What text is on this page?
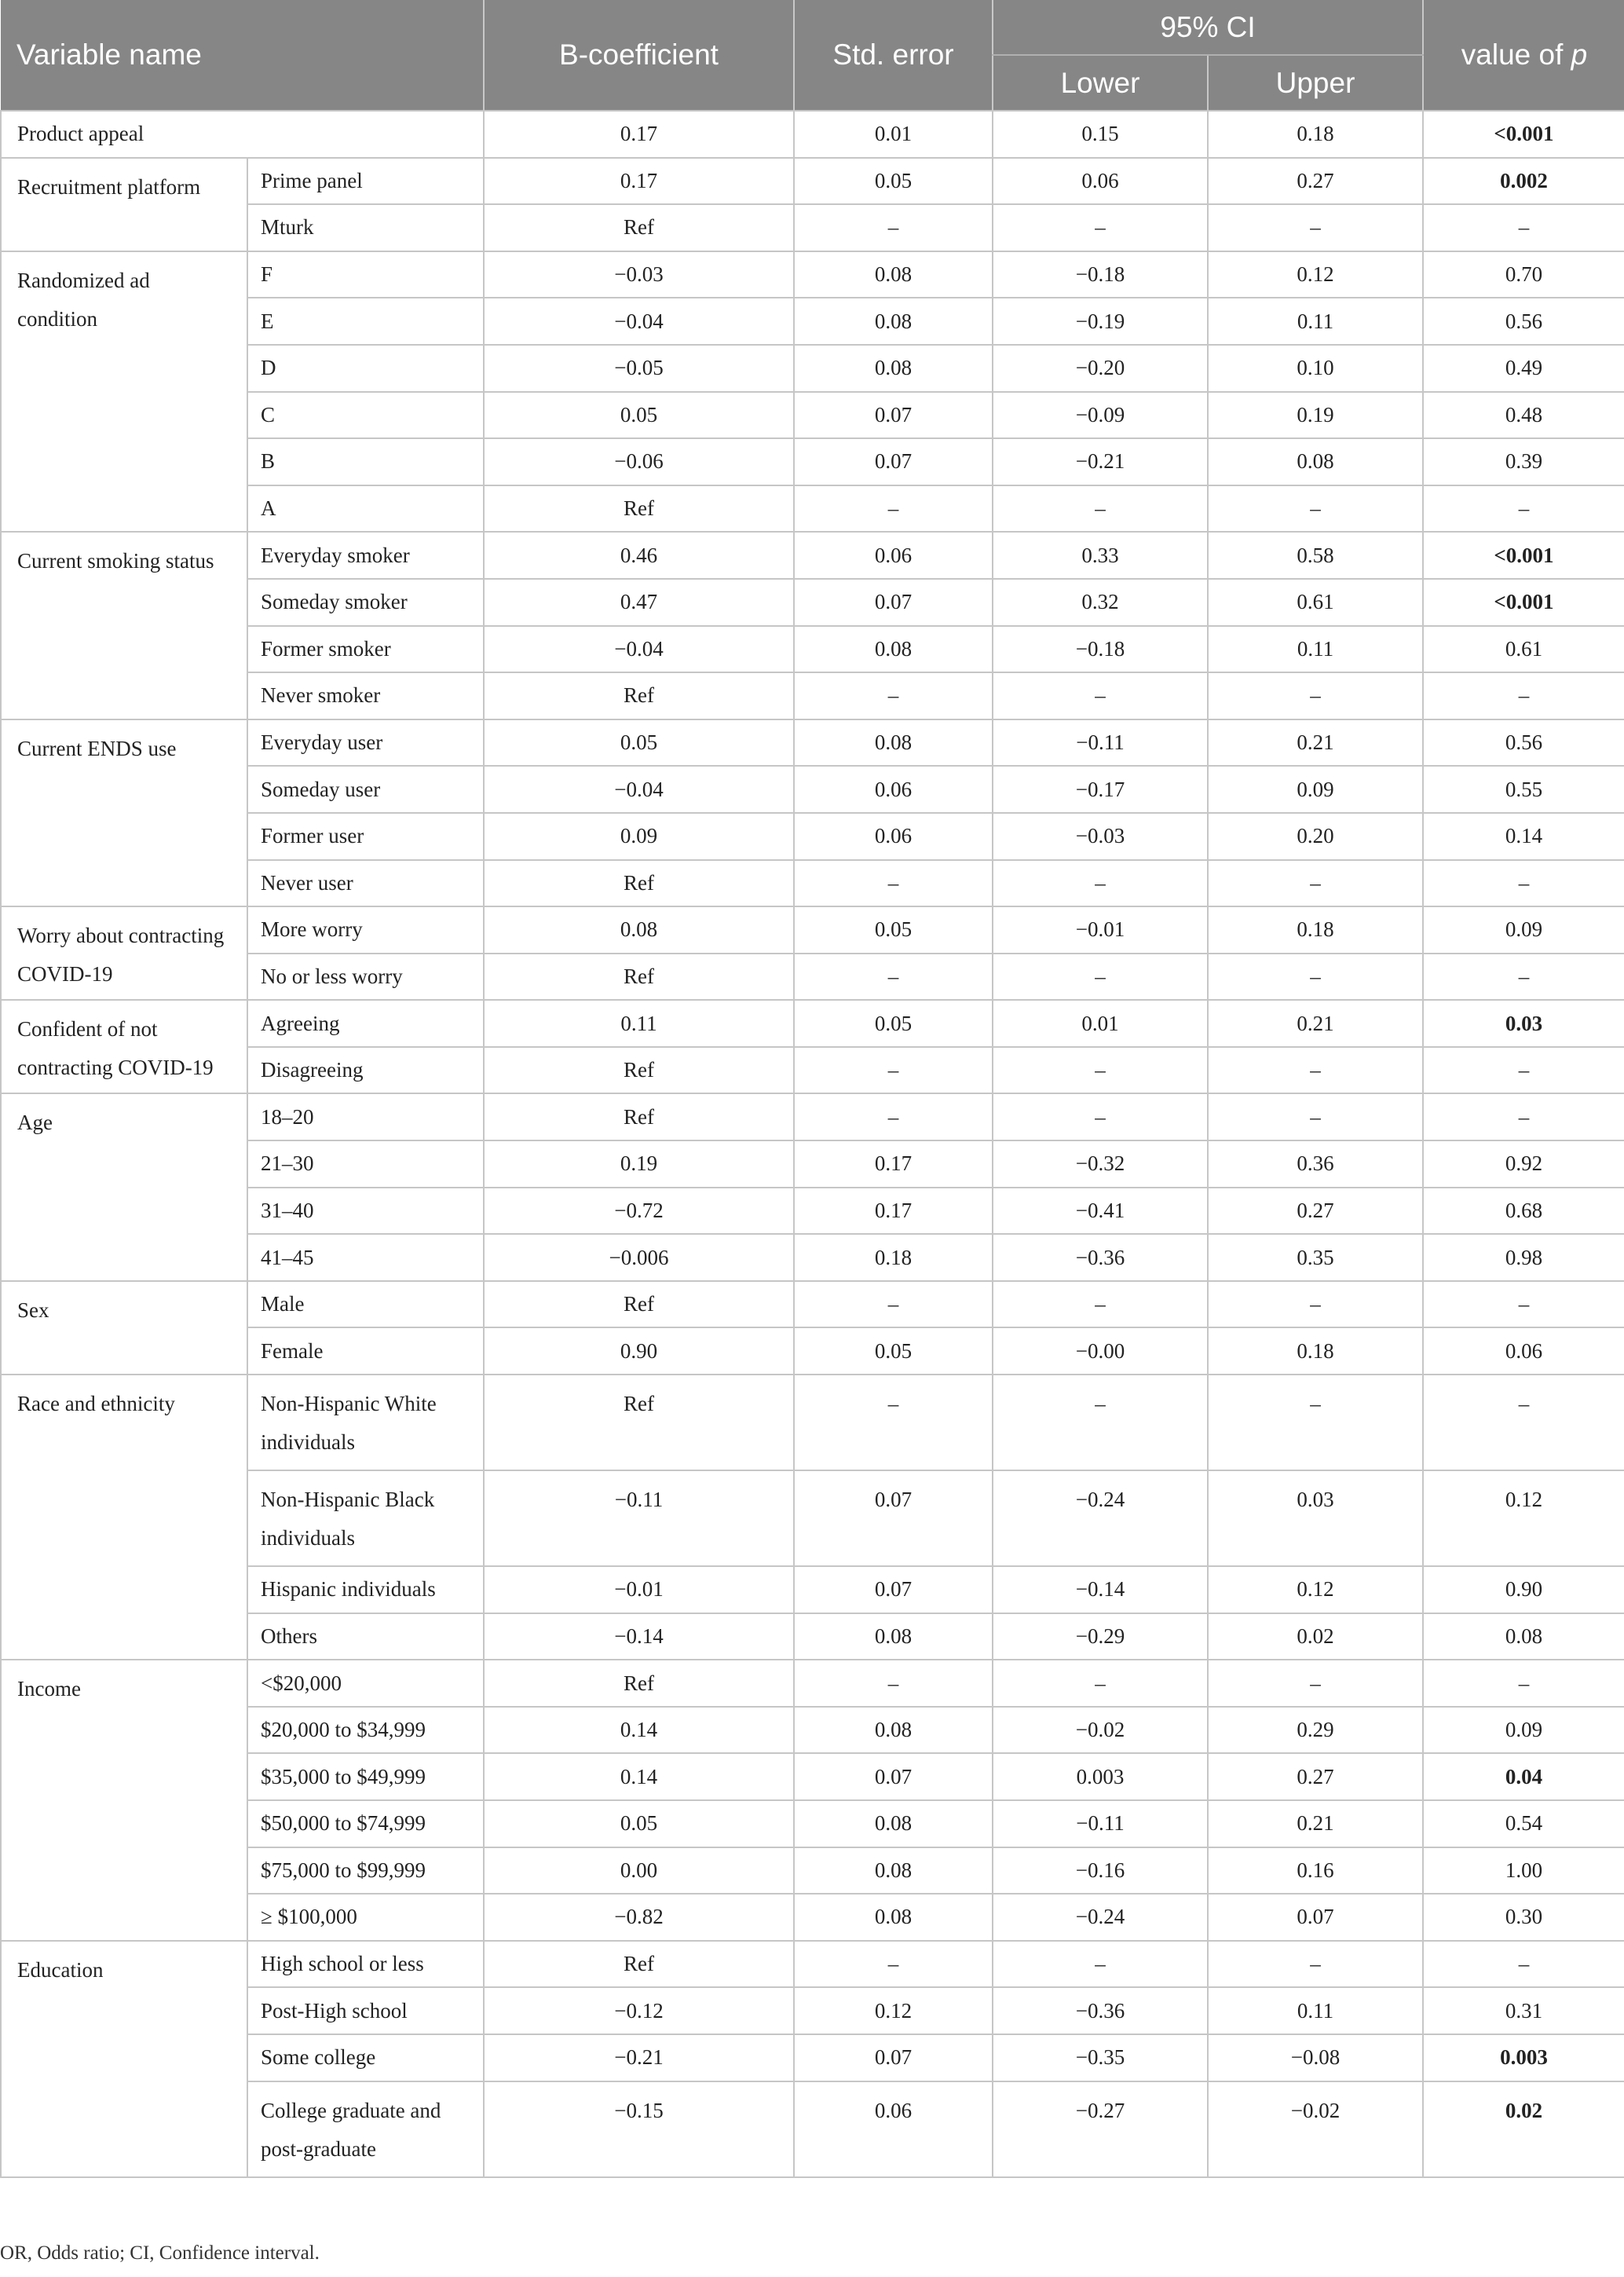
Variable name		B-coefficient	Std. error	95% CI		value of p
				Lower	Upper	
Product appeal		0.17	0.01	0.15	0.18	<0.001
Recruitment platform	Prime panel	0.17	0.05	0.06	0.27	0.002
	Mturk	Ref	–	–	–	–
Randomized ad condition	F	−0.03	0.08	−0.18	0.12	0.70
	E	−0.04	0.08	−0.19	0.11	0.56
	D	−0.05	0.08	−0.20	0.10	0.49
	C	0.05	0.07	−0.09	0.19	0.48
	B	−0.06	0.07	−0.21	0.08	0.39
	A	Ref	–	–	–	–
Current smoking status	Everyday smoker	0.46	0.06	0.33	0.58	<0.001
	Someday smoker	0.47	0.07	0.32	0.61	<0.001
	Former smoker	−0.04	0.08	−0.18	0.11	0.61
	Never smoker	Ref	–	–	–	–
Current ENDS use	Everyday user	0.05	0.08	−0.11	0.21	0.56
	Someday user	−0.04	0.06	−0.17	0.09	0.55
	Former user	0.09	0.06	−0.03	0.20	0.14
	Never user	Ref	–	–	–	–
Worry about contracting COVID-19	More worry	0.08	0.05	−0.01	0.18	0.09
	No or less worry	Ref	–	–	–	–
Confident of not contracting COVID-19	Agreeing	0.11	0.05	0.01	0.21	0.03
	Disagreeing	Ref	–	–	–	–
Age	18–20	Ref	–	–	–	–
	21–30	0.19	0.17	−0.32	0.36	0.92
	31–40	−0.72	0.17	−0.41	0.27	0.68
	41–45	−0.006	0.18	−0.36	0.35	0.98
Sex	Male	Ref	–	–	–	–
	Female	0.90	0.05	−0.00	0.18	0.06
Race and ethnicity	Non-Hispanic White individuals	Ref	–	–	–	–
	Non-Hispanic Black individuals	−0.11	0.07	−0.24	0.03	0.12
	Hispanic individuals	−0.01	0.07	−0.14	0.12	0.90
	Others	−0.14	0.08	−0.29	0.02	0.08
Income	<$20,000	Ref	–	–	–	–
	$20,000 to $34,999	0.14	0.08	−0.02	0.29	0.09
	$35,000 to $49,999	0.14	0.07	0.003	0.27	0.04
	$50,000 to $74,999	0.05	0.08	−0.11	0.21	0.54
	$75,000 to $99,999	0.00	0.08	−0.16	0.16	1.00
	≥ $100,000	−0.82	0.08	−0.24	0.07	0.30
Education	High school or less	Ref	–	–	–	–
	Post-High school	−0.12	0.12	−0.36	0.11	0.31
	Some college	−0.21	0.07	−0.35	−0.08	0.003
	College graduate and post-graduate	−0.15	0.06	−0.27	−0.02	0.02
OR, Odds ratio; CI, Confidence interval.
